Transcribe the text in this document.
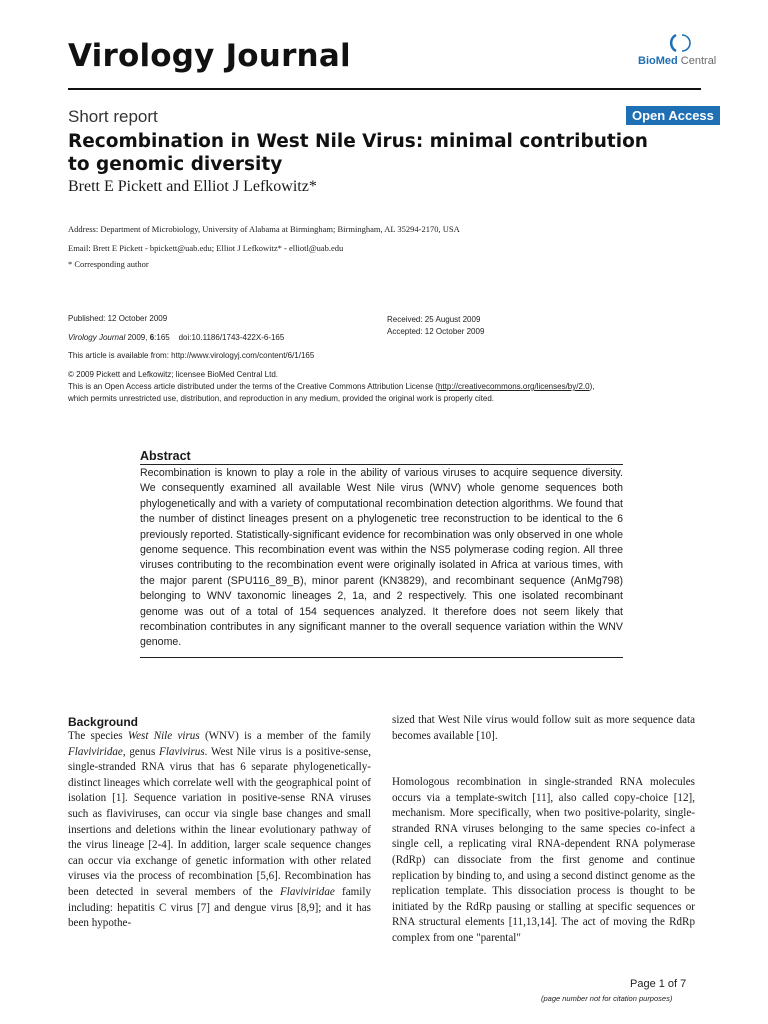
Virology Journal	BioMed Central
Short report	Open Access
Recombination in West Nile Virus: minimal contribution to genomic diversity
Brett E Pickett and Elliot J Lefkowitz*
Address: Department of Microbiology, University of Alabama at Birmingham; Birmingham, AL 35294-2170, USA
Email: Brett E Pickett - bpickett@uab.edu; Elliot J Lefkowitz* - elliotl@uab.edu
* Corresponding author
Published: 12 October 2009
Virology Journal 2009, 6:165    doi:10.1186/1743-422X-6-165
This article is available from: http://www.virologyj.com/content/6/1/165
Received: 25 August 2009
Accepted: 12 October 2009
© 2009 Pickett and Lefkowitz; licensee BioMed Central Ltd.
This is an Open Access article distributed under the terms of the Creative Commons Attribution License (http://creativecommons.org/licenses/by/2.0),
which permits unrestricted use, distribution, and reproduction in any medium, provided the original work is properly cited.
Abstract
Recombination is known to play a role in the ability of various viruses to acquire sequence diversity. We consequently examined all available West Nile virus (WNV) whole genome sequences both phylogenetically and with a variety of computational recombination detection algorithms. We found that the number of distinct lineages present on a phylogenetic tree reconstruction to be identical to the 6 previously reported. Statistically-significant evidence for recombination was only observed in one whole genome sequence. This recombination event was within the NS5 polymerase coding region. All three viruses contributing to the recombination event were originally isolated in Africa at various times, with the major parent (SPU116_89_B), minor parent (KN3829), and recombinant sequence (AnMg798) belonging to WNV taxonomic lineages 2, 1a, and 2 respectively. This one isolated recombinant genome was out of a total of 154 sequences analyzed. It therefore does not seem likely that recombination contributes in any significant manner to the overall sequence variation within the WNV genome.
Background
The species West Nile virus (WNV) is a member of the family Flaviviridae, genus Flavivirus. West Nile virus is a positive-sense, single-stranded RNA virus that has 6 separate phylogenetically-distinct lineages which correlate well with the geographical point of isolation [1]. Sequence variation in positive-sense RNA viruses such as flaviviruses, can occur via single base changes and small insertions and deletions within the linear evolutionary pathway of the virus lineage [2-4]. In addition, larger scale sequence changes can occur via exchange of genetic information with other related viruses via the process of recombination [5,6]. Recombination has been detected in several members of the Flaviviridae family including: hepatitis C virus [7] and dengue virus [8,9]; and it has been hypothe-
sized that West Nile virus would follow suit as more sequence data becomes available [10].
Homologous recombination in single-stranded RNA molecules occurs via a template-switch [11], also called copy-choice [12], mechanism. More specifically, when two positive-polarity, single-stranded RNA viruses belonging to the same species co-infect a single cell, a replicating viral RNA-dependent RNA polymerase (RdRp) can dissociate from the first genome and continue replication by binding to, and using a second distinct genome as the replication template. This dissociation process is thought to be initiated by the RdRp pausing or stalling at specific sequences or RNA structural elements [11,13,14]. The act of moving the RdRp complex from one "parental"
Page 1 of 7
(page number not for citation purposes)
